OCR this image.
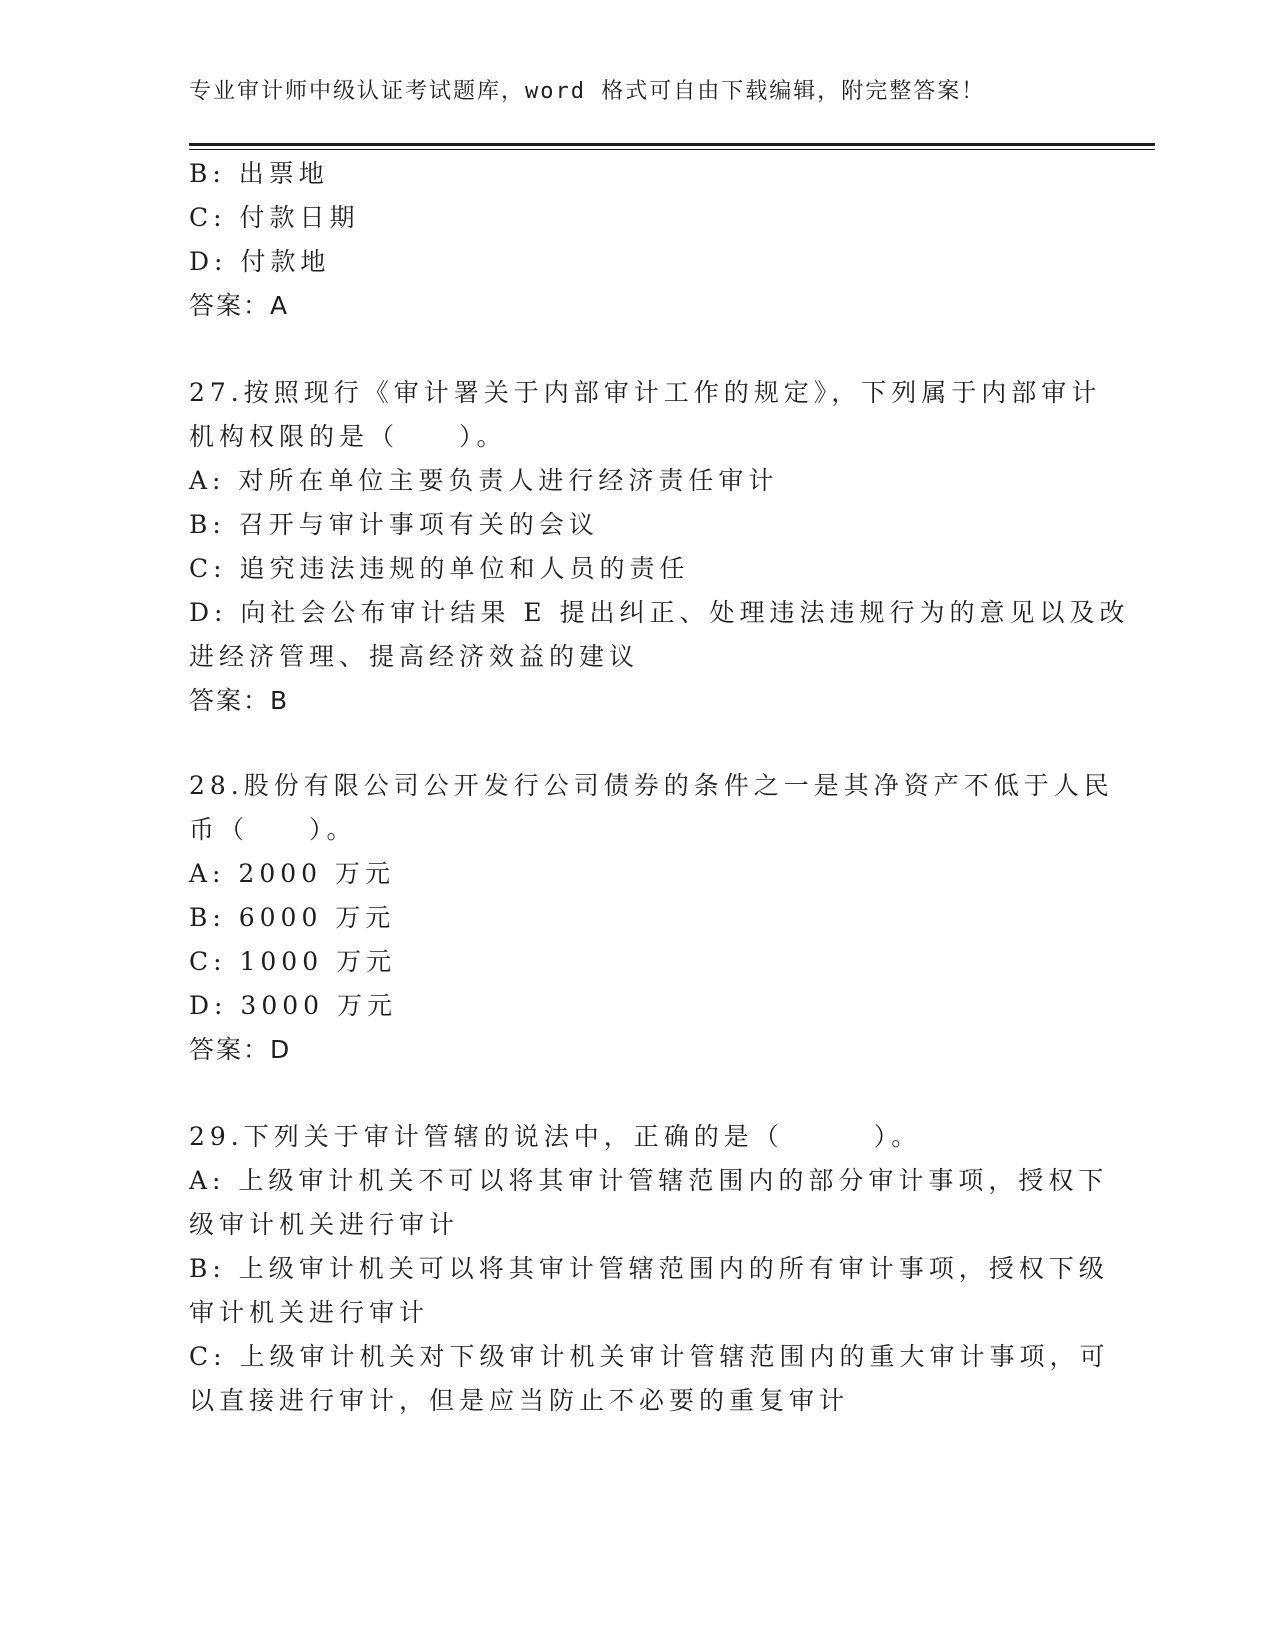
专业审计师中级认证考试题库，word 格式可自由下载编辑，附完整答案！
B: 出票地
C: 付款日期
D: 付款地
答案：A
27.按照现行《审计署关于内部审计工作的规定》，下列属于内部审计
机构权限的是（　　）。
A: 对所在单位主要负责人进行经济责任审计
B: 召开与审计事项有关的会议
C: 追究违法违规的单位和人员的责任
D: 向社会公布审计结果 E 提出纠正、处理违法违规行为的意见以及改
进经济管理、提高经济效益的建议
答案：B
28.股份有限公司公开发行公司债券的条件之一是其净资产不低于人民
币（　　）。
A: 2000 万元
B: 6000 万元
C: 1000 万元
D: 3000 万元
答案：D
29.下列关于审计管辖的说法中，正确的是（　　　）。
A: 上级审计机关不可以将其审计管辖范围内的部分审计事项，授权下
级审计机关进行审计
B: 上级审计机关可以将其审计管辖范围内的所有审计事项，授权下级
审计机关进行审计
C: 上级审计机关对下级审计机关审计管辖范围内的重大审计事项，可
以直接进行审计，但是应当防止不必要的重复审计
